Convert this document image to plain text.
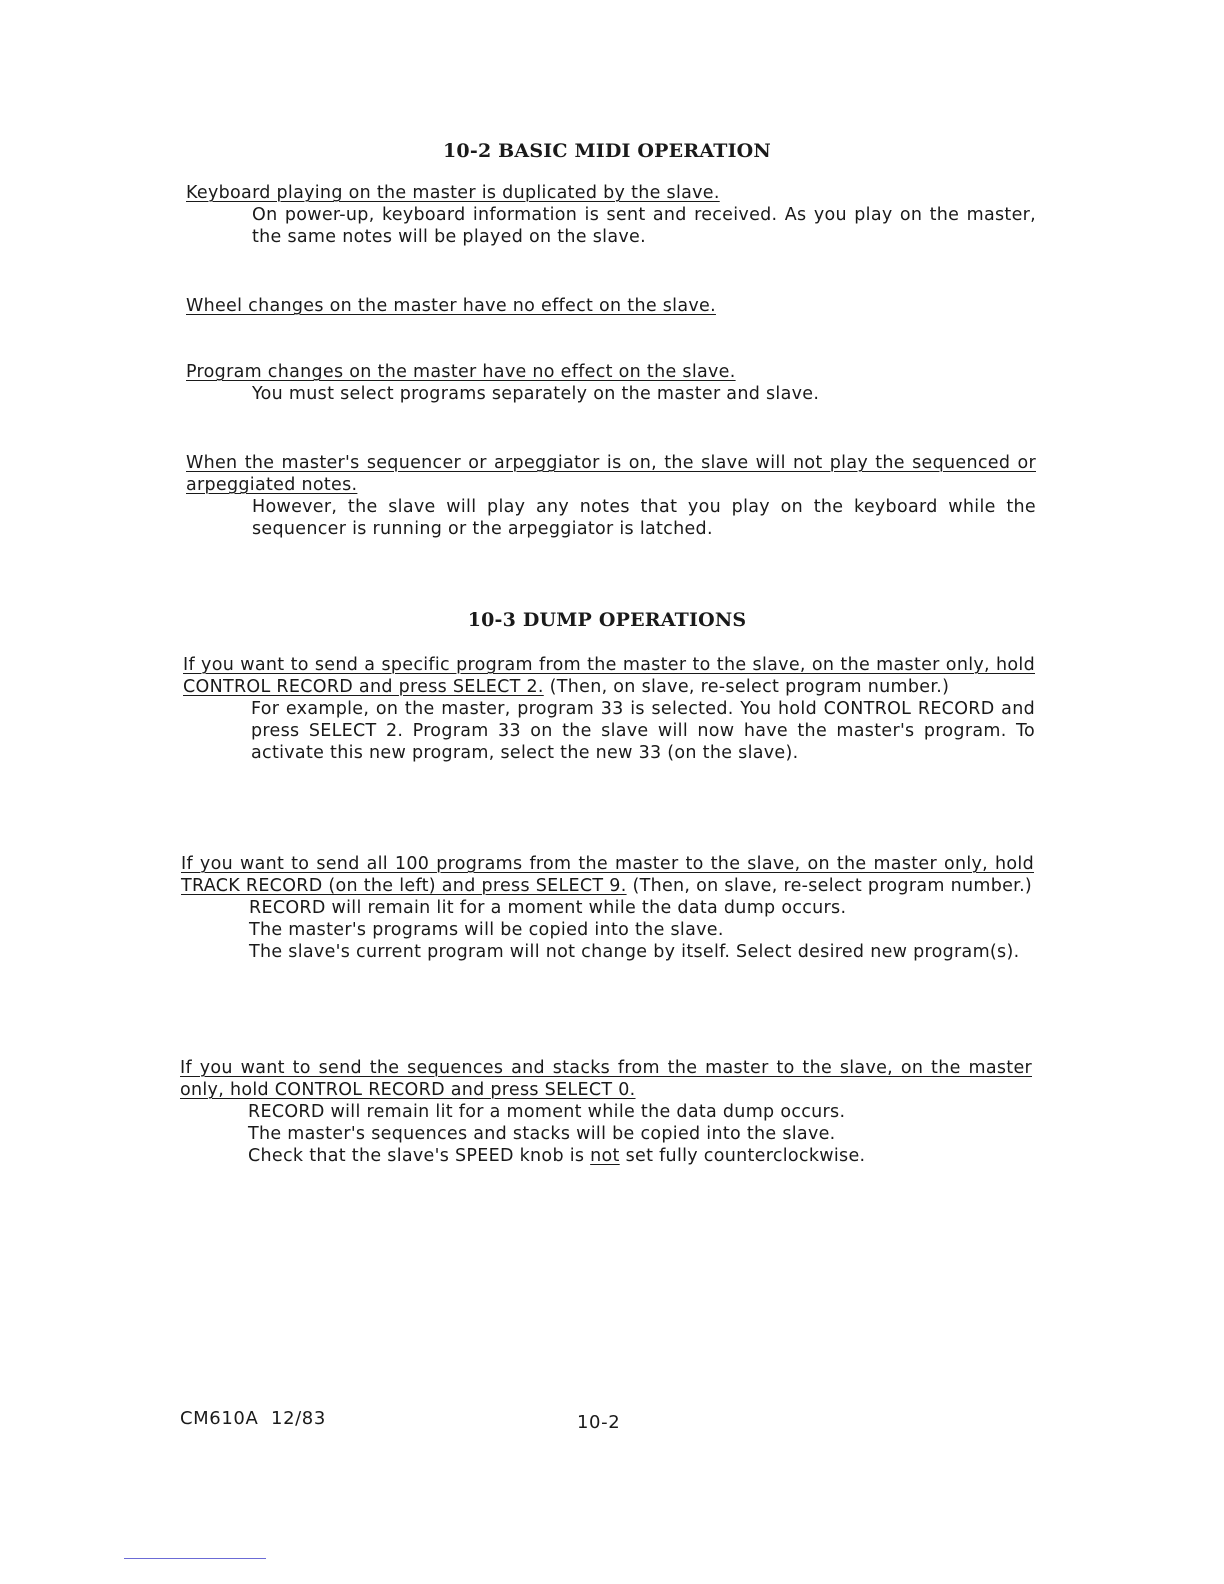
10-2 BASIC MIDI OPERATION

Keyboard playing on the master is duplicated by the slave.

On power-up, keyboard information is sent and received. As you play on the master, the same notes will be played on the slave.

Wheel changes on the master have no effect on the slave.

Program changes on the master have no effect on the slave.

You must select programs separately on the master and slave.

When the master's sequencer or arpeggiator is on, the slave will not play the sequenced or arpeggiated notes.

However, the slave will play any notes that you play on the keyboard while the sequencer is running or the arpeggiator is latched.

10-3 DUMP OPERATIONS

If you want to send a specific program from the master to the slave, on the master only, hold CONTROL RECORD and press SELECT 2. (Then, on slave, re-select program number.)

For example, on the master, program 33 is selected. You hold CONTROL RECORD and press SELECT 2. Program 33 on the slave will now have the master's program. To activate this new program, select the new 33 (on the slave).

If you want to send all 100 programs from the master to the slave, on the master only, hold TRACK RECORD (on the left) and press SELECT 9. (Then, on slave, re-select program number.)

RECORD will remain lit for a moment while the data dump occurs.

The master's programs will be copied into the slave.

The slave's current program will not change by itself. Select desired new program(s).

If you want to send the sequences and stacks from the master to the slave, on the master only, hold CONTROL RECORD and press SELECT 0.

RECORD will remain lit for a moment while the data dump occurs.

The master's sequences and stacks will be copied into the slave.

Check that the slave's SPEED knob is not set fully counterclockwise.

CM610A  12/83	10-2
